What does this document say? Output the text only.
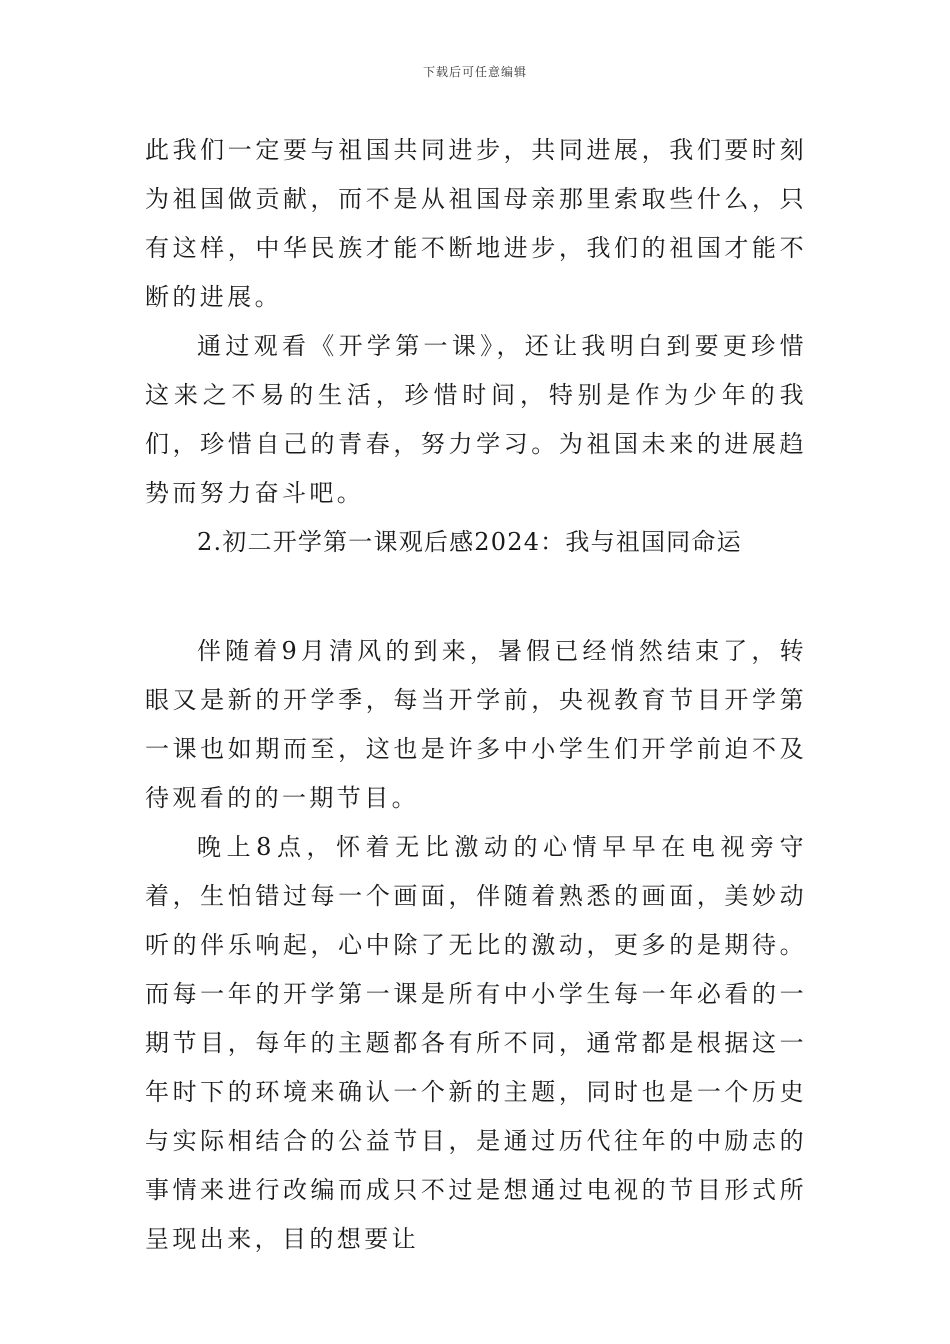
下载后可任意编辑

此我们一定要与祖国共同进步，共同进展，我们要时刻为祖国做贡献，而不是从祖国母亲那里索取些什么，只有这样，中华民族才能不断地进步，我们的祖国才能不断的进展。

通过观看《开学第一课》，还让我明白到要更珍惜这来之不易的生活，珍惜时间，特别是作为少年的我们，珍惜自己的青春，努力学习。为祖国未来的进展趋势而努力奋斗吧。

2.初二开学第一课观后感2024：我与祖国同命运

伴随着9月清风的到来，暑假已经悄然结束了，转眼又是新的开学季，每当开学前，央视教育节目开学第一课也如期而至，这也是许多中小学生们开学前迫不及待观看的的一期节目。

晚上8点，怀着无比激动的心情早早在电视旁守着，生怕错过每一个画面，伴随着熟悉的画面，美妙动听的伴乐响起，心中除了无比的激动，更多的是期待。而每一年的开学第一课是所有中小学生每一年必看的一期节目，每年的主题都各有所不同，通常都是根据这一年时下的环境来确认一个新的主题，同时也是一个历史与实际相结合的公益节目，是通过历代往年的中励志的事情来进行改编而成只不过是想通过电视的节目形式所呈现出来，目的想要让
